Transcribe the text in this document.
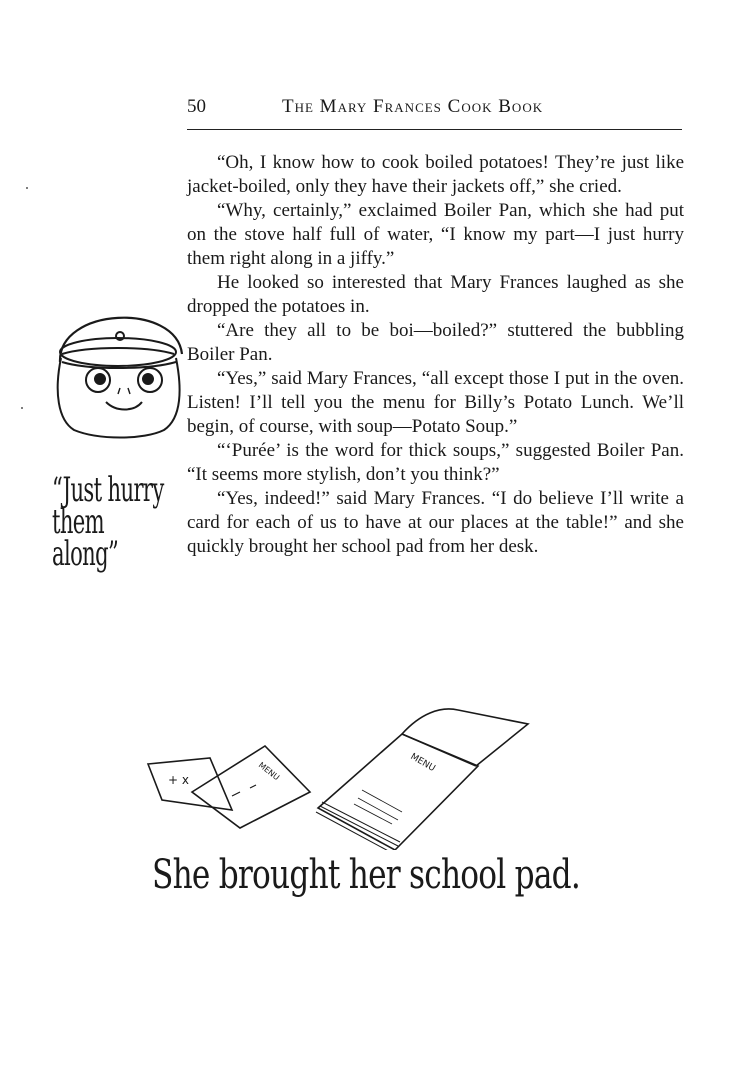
50	The Mary Frances Cook Book

“Oh, I know how to cook boiled potatoes! They’re just like jacket-boiled, only they have their jackets off,” she cried.

“Why, certainly,” exclaimed Boiler Pan, which she had put on the stove half full of water, “I know my part—I just hurry them right along in a jiffy.”

He looked so interested that Mary Frances laughed as she dropped the potatoes in.

“Are they all to be boi—boiled?” stuttered the bubbling Boiler Pan.

“Yes,” said Mary Frances, “all except those I put in the oven. Listen! I’ll tell you the menu for Billy’s Potato Lunch. We’ll begin, of course, with soup—Potato Soup.”

“‘Purée’ is the word for thick soups,” suggested Boiler Pan. “It seems more stylish, don’t you think?”

“Yes, indeed!” said Mary Frances. “I do believe I’ll write a card for each of us to have at our places at the table!” and she quickly brought her school pad from her desk.

“Just hurry
them
along”
+ x	MENU	MENU
She brought her school pad.
